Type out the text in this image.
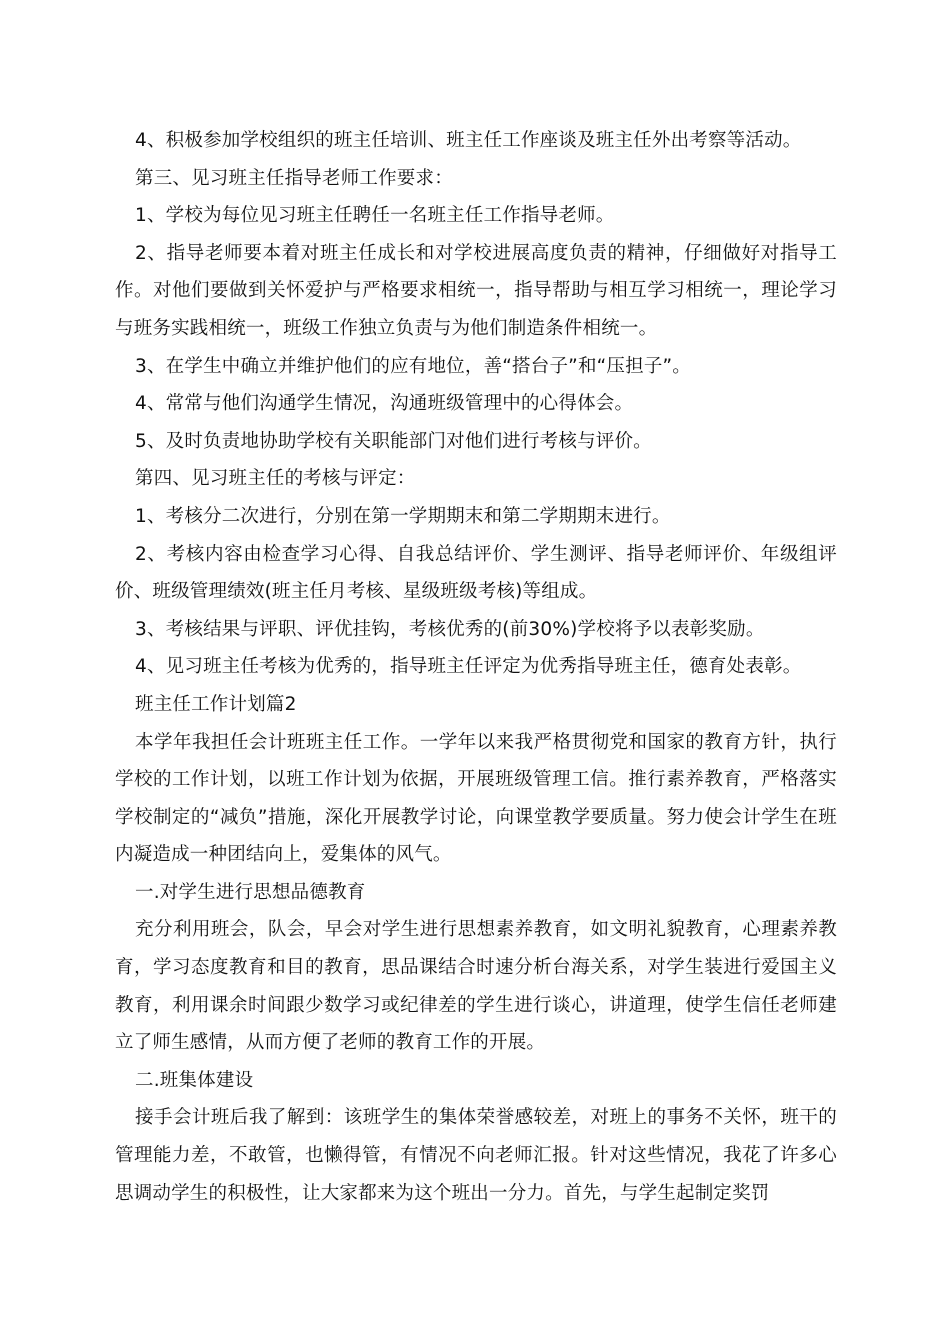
4、积极参加学校组织的班主任培训、班主任工作座谈及班主任外出考察等活动。

第三、见习班主任指导老师工作要求：

1、学校为每位见习班主任聘任一名班主任工作指导老师。

2、指导老师要本着对班主任成长和对学校进展高度负责的精神，仔细做好对指导工作。对他们要做到关怀爱护与严格要求相统一，指导帮助与相互学习相统一，理论学习与班务实践相统一，班级工作独立负责与为他们制造条件相统一。

3、在学生中确立并维护他们的应有地位，善“搭台子”和“压担子”。

4、常常与他们沟通学生情况，沟通班级管理中的心得体会。

5、及时负责地协助学校有关职能部门对他们进行考核与评价。

第四、见习班主任的考核与评定：

1、考核分二次进行，分别在第一学期期末和第二学期期末进行。

2、考核内容由检查学习心得、自我总结评价、学生测评、指导老师评价、年级组评价、班级管理绩效(班主任月考核、星级班级考核)等组成。

3、考核结果与评职、评优挂钩，考核优秀的(前30%)学校将予以表彰奖励。

4、见习班主任考核为优秀的，指导班主任评定为优秀指导班主任，德育处表彰。

班主任工作计划篇2

本学年我担任会计班班主任工作。一学年以来我严格贯彻党和国家的教育方针，执行学校的工作计划，以班工作计划为依据，开展班级管理工信。推行素养教育，严格落实学校制定的“减负”措施，深化开展教学讨论，向课堂教学要质量。努力使会计学生在班内凝造成一种团结向上，爱集体的风气。

一.对学生进行思想品德教育

充分利用班会，队会，早会对学生进行思想素养教育，如文明礼貌教育，心理素养教育，学习态度教育和目的教育，思品课结合时速分析台海关系，对学生装进行爱国主义教育，利用课余时间跟少数学习或纪律差的学生进行谈心，讲道理，使学生信任老师建立了师生感情，从而方便了老师的教育工作的开展。

二.班集体建设

接手会计班后我了解到：该班学生的集体荣誉感较差，对班上的事务不关怀，班干的管理能力差，不敢管，也懒得管，有情况不向老师汇报。针对这些情况，我花了许多心思调动学生的积极性，让大家都来为这个班出一分力。首先，与学生起制定奖罚
